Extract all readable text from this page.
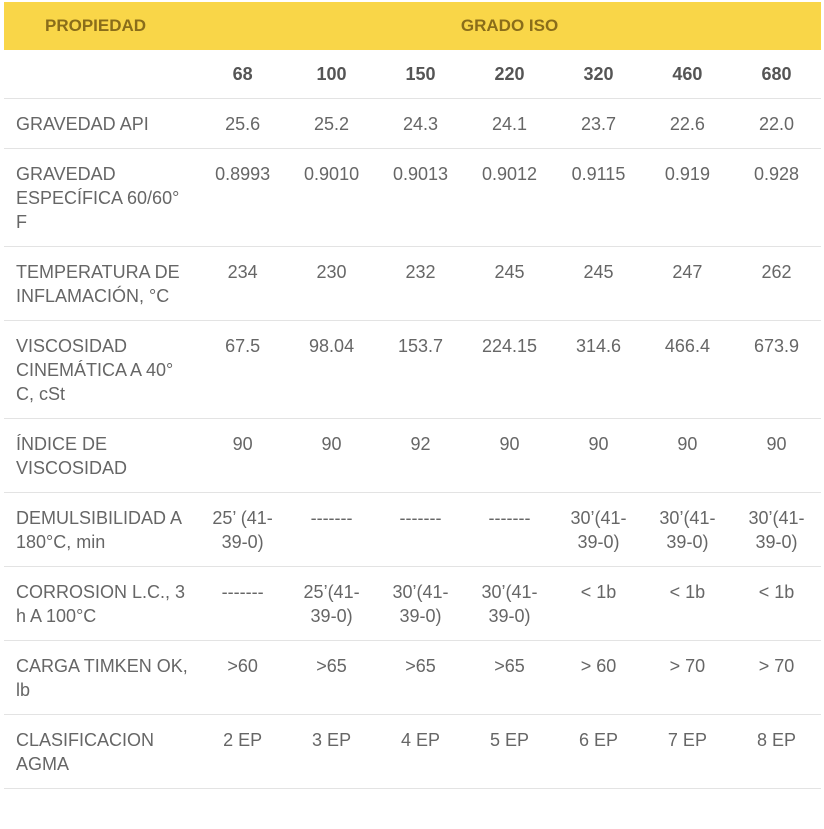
PROPIEDAD	GRADO ISO						
	68	100	150	220	320	460	680
GRAVEDAD API	25.6	25.2	24.3	24.1	23.7	22.6	22.0
GRAVEDAD ESPECÍFICA 60/60° F	0.8993	0.9010	0.9013	0.9012	0.9115	0.919	0.928
TEMPERATURA DE INFLAMACIÓN, °C	234	230	232	245	245	247	262
VISCOSIDAD CINEMÁTICA A 40° C, cSt	67.5	98.04	153.7	224.15	314.6	466.4	673.9
ÍNDICE DE VISCOSIDAD	90	90	92	90	90	90	90
DEMULSIBILIDAD A 180°C, min	25’ (41-39-0)	-------	-------	-------	30’(41-39-0)	30’(41-39-0)	30’(41-39-0)
CORROSION L.C., 3 h A 100°C	-------	25’(41-39-0)	30’(41-39-0)	30’(41-39-0)	< 1b	< 1b	< 1b
CARGA TIMKEN OK, lb	>60	>65	>65	>65	> 60	> 70	> 70
CLASIFICACION AGMA	2 EP	3 EP	4 EP	5 EP	6 EP	7 EP	8 EP
